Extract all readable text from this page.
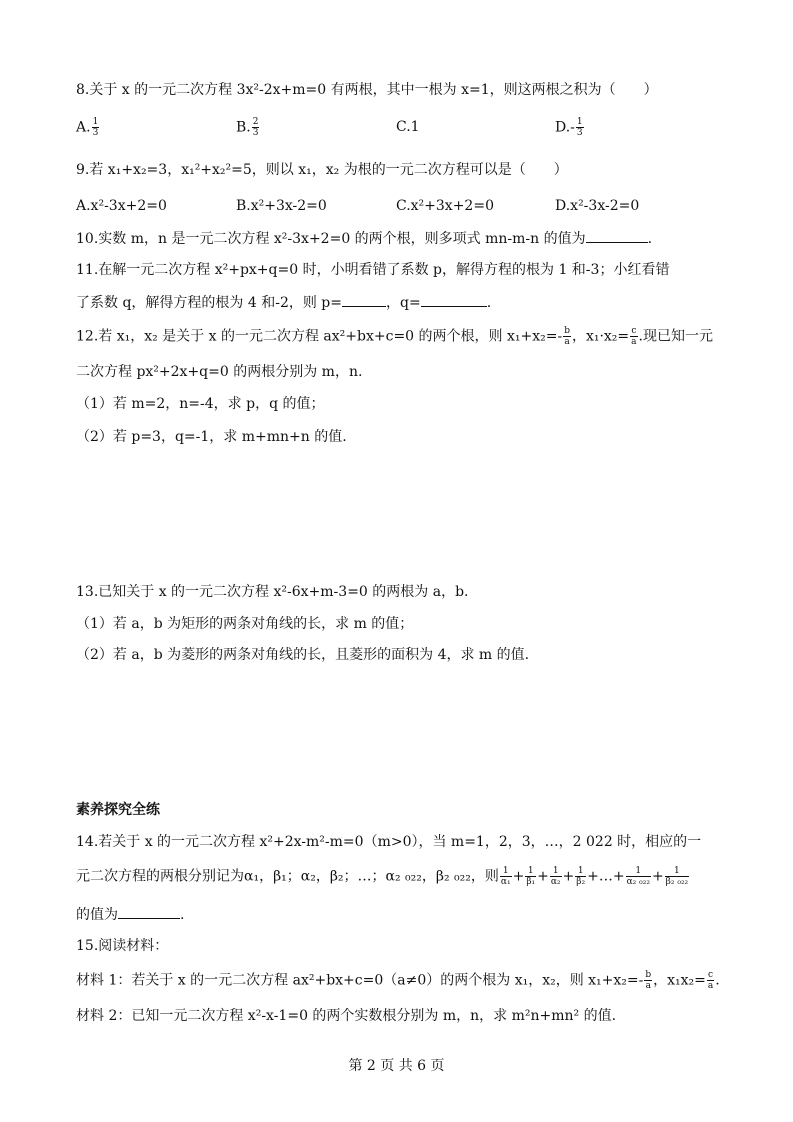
8.关于 x 的一元二次方程 3x²-2x+m=0 有两根，其中一根为 x=1，则这两根之积为（　　）
A. $\frac{1}{3}$	B. $\frac{2}{3}$	C.1	$D.- \frac{1}{3}$
9.若 x₁+x₂=3，x₁²+x₂²=5，则以 x₁，x₂ 为根的一元二次方程可以是（　　）
A.x²-3x+2=0	B.x²+3x-2=0	C.x²+3x+2=0	D.x²-3x-2=0
10.实数 m，n 是一元二次方程 x²-3x+2=0 的两个根，则多项式 mn-m-n 的值为	.
11.在解一元二次方程 x²+px+q=0 时，小明看错了系数 p，解得方程的根为 1 和-3；小红看错
了系数 q，解得方程的根为 4 和-2，则 p=	，q=	.
12.若 x₁，x₂ 是关于 x 的一元二次方程 ax²+bx+c=0 的两个根，则 $x_1+x_2=- \frac{b}{a}$ ，$x_1\cdot x_2= \frac{c}{a}$ .现已知一元
二次方程 px²+2x+q=0 的两根分别为 m，n.
（1）若 m=2，n=-4，求 p，q 的值；
（2）若 p=3，q=-1，求 m+mn+n 的值.
13.已知关于 x 的一元二次方程 x²-6x+m-3=0 的两根为 a，b.
（1）若 a，b 为矩形的两条对角线的长，求 m 的值；
（2）若 a，b 为菱形的两条对角线的长，且菱形的面积为 4，求 m 的值.
素养探究全练
14.若关于 x 的一元二次方程 x²+2x-m²-m=0（m>0），当 m=1，2，3，…，2 022 时，相应的一
元二次方程的两根分别记为α₁，β₁；α₂，β₂；…；α₂ ₀₂₂，β₂ ₀₂₂，则 $\frac{1}{\text{α₁}} + \frac{1}{\text{β₁}} + \frac{1}{\text{α₂}} + \frac{1}{\text{β₂}}$ +…+ $\frac{1}{\text{α₂ ₀₂₂}} + \frac{1}{\text{β₂ ₀₂₂}}$
的值为	.
15.阅读材料：
材料 1：若关于 x 的一元二次方程 ax²+bx+c=0（a≠0）的两个根为 x₁，x₂，则 $x_1+x_2=- \frac{b}{a}$ ，$x_1x_2= \frac{c}{a}$ .
材料 2：已知一元二次方程 x²-x-1=0 的两个实数根分别为 m，n，求 m²n+mn² 的值.
第 2 页 共 6 页
